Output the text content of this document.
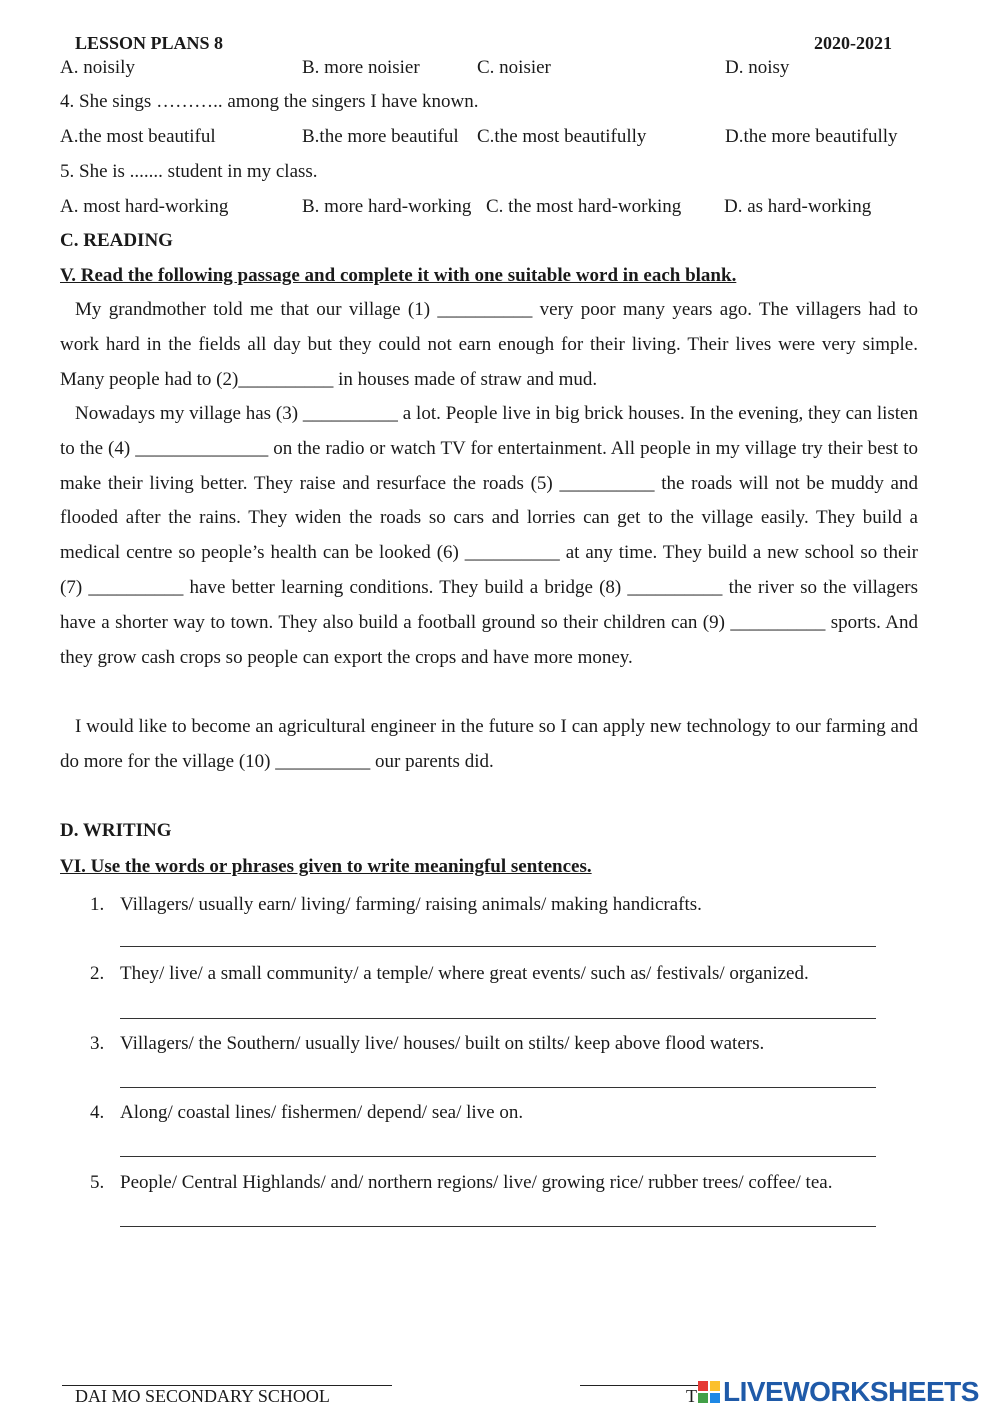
LESSON PLANS 8	2020-2021
A. noisily	B. more noisier	C. noisier	D. noisy
4. She sings ……….. among the singers I have known.
A.the most beautiful	B.the more beautiful C.the most beautifully	D.the more beautifully
5. She is ....... student in my class.
A. most hard-working	B. more hard-working C. the most hard-working D. as hard-working
C. READING
V. Read the following passage and complete it with one suitable word in each blank.
My grandmother told me that our village (1) __________ very poor many years ago. The villagers had to work hard in the fields all day but they could not earn enough for their living. Their lives were very simple. Many people had to (2)__________ in houses made of straw and mud.
Nowadays my village has (3) __________ a lot. People live in big brick houses. In the evening, they can listen to the (4) ______________ on the radio or watch TV for entertainment. All people in my village try their best to make their living better. They raise and resurface the roads (5) __________ the roads will not be muddy and flooded after the rains. They widen the roads so cars and lorries can get to the village easily. They build a medical centre so people’s health can be looked (6) __________ at any time. They build a new school so their (7) __________ have better learning conditions. They build a bridge (8) __________ the river so the villagers have a shorter way to town. They also build a football ground so their children can (9) __________ sports. And they grow cash crops so people can export the crops and have more money.
I would like to become an agricultural engineer in the future so I can apply new technology to our farming and do more for the village (10) __________ our parents did.
D. WRITING
VI. Use the words or phrases given to write meaningful sentences.
1. Villagers/ usually earn/ living/ farming/ raising animals/ making handicrafts.
2. They/ live/ a small community/ a temple/ where great events/ such as/ festivals/ organized.
3. Villagers/ the Southern/ usually live/ houses/ built on stilts/ keep above flood waters.
4. Along/ coastal lines/ fishermen/ depend/ sea/ live on.
5. People/ Central Highlands/ and/ northern regions/ live/ growing rice/ rubber trees/ coffee/ tea.
DAI MO SECONDARY SCHOOL	T LIVEWORKSHEETS
